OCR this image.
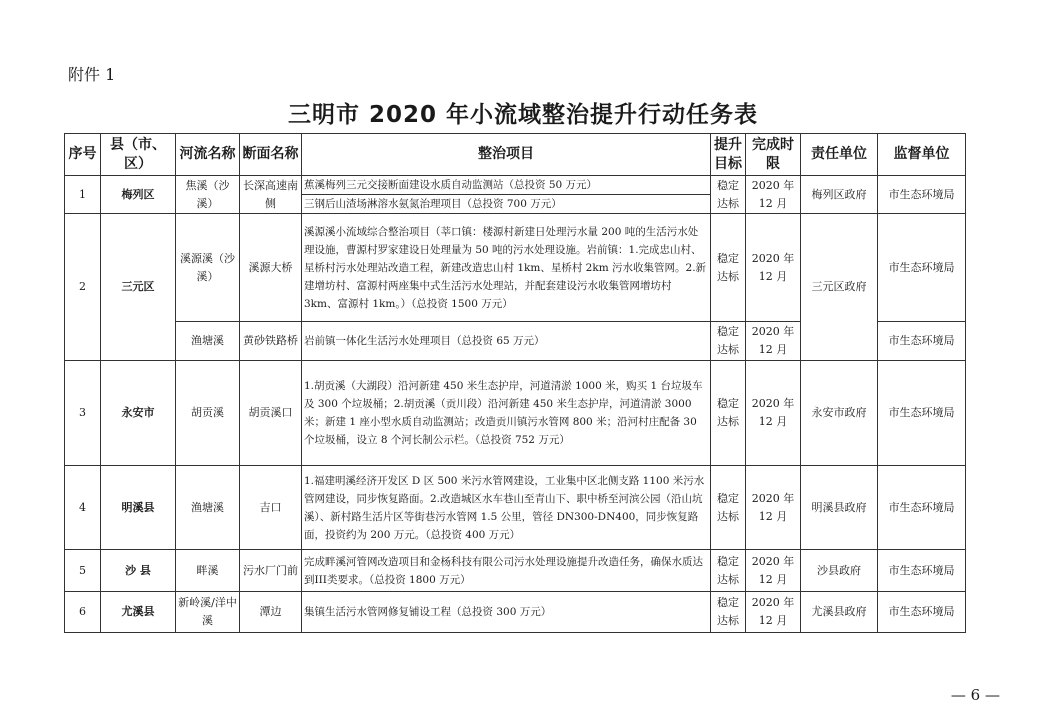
附件 1
三明市 2020 年小流域整治提升行动任务表
序号	县（市、区）	河流名称	断面名称	整治项目	提升目标	完成时限	责任单位	监督单位
1	梅列区	焦溪（沙溪）	长深高速南侧	蕉溪梅列三元交接断面建设水质自动监测站（总投资 50 万元）	稳定达标	2020 年 12 月	梅列区政府	市生态环境局
				三钢后山渣场淋溶水氨氮治理项目（总投资 700 万元）				
2	三元区	溪源溪（沙溪）	溪源大桥	溪源溪小流域综合整治项目（莘口镇：楼源村新建日处理污水量 200 吨的生活污水处理设施，曹源村罗家建设日处理量为 50 吨的污水处理设施。岩前镇：1.完成忠山村、星桥村污水处理站改造工程，新建改造忠山村 1km、星桥村 2km 污水收集管网。2.新建增坊村、富源村两座集中式生活污水处理站，并配套建设污水收集管网增坊村 3km、富源村 1km。）（总投资 1500 万元）	稳定达标	2020 年 12 月	三元区政府	市生态环境局
		渔塘溪	黄砂铁路桥	岩前镇一体化生活污水处理项目（总投资 65 万元）	稳定达标	2020 年 12 月		市生态环境局
3	永安市	胡贡溪	胡贡溪口	1.胡贡溪（大湖段）沿河新建 450 米生态护岸，河道清淤 1000 米，购买 1 台垃圾车及 300 个垃圾桶；2.胡贡溪（贡川段）沿河新建 450 米生态护岸，河道清淤 3000 米；新建 1 座小型水质自动监测站；改造贡川镇污水管网 800 米；沿河村庄配备 30 个垃圾桶，设立 8 个河长制公示栏。（总投资 752 万元）	稳定达标	2020 年 12 月	永安市政府	市生态环境局
4	明溪县	渔塘溪	吉口	1.福建明溪经济开发区 D 区 500 米污水管网建设，工业集中区北侧支路 1100 米污水管网建设，同步恢复路面。2.改造城区水车巷山至青山下、职中桥至河滨公园（沿山坑溪）、新村路生活片区等街巷污水管网 1.5 公里，管径 DN300-DN400，同步恢复路面，投资约为 200 万元。（总投资 400 万元）	稳定达标	2020 年 12 月	明溪县政府	市生态环境局
5	沙 县	畔溪	污水厂门前	完成畔溪河管网改造项目和金杨科技有限公司污水处理设施提升改造任务，确保水质达到III类要求。（总投资 1800 万元）	稳定达标	2020 年 12 月	沙县政府	市生态环境局
6	尤溪县	新岭溪/洋中溪	潭边	集镇生活污水管网修复铺设工程（总投资 300 万元）	稳定达标	2020 年 12 月	尤溪县政府	市生态环境局
— 6 —
